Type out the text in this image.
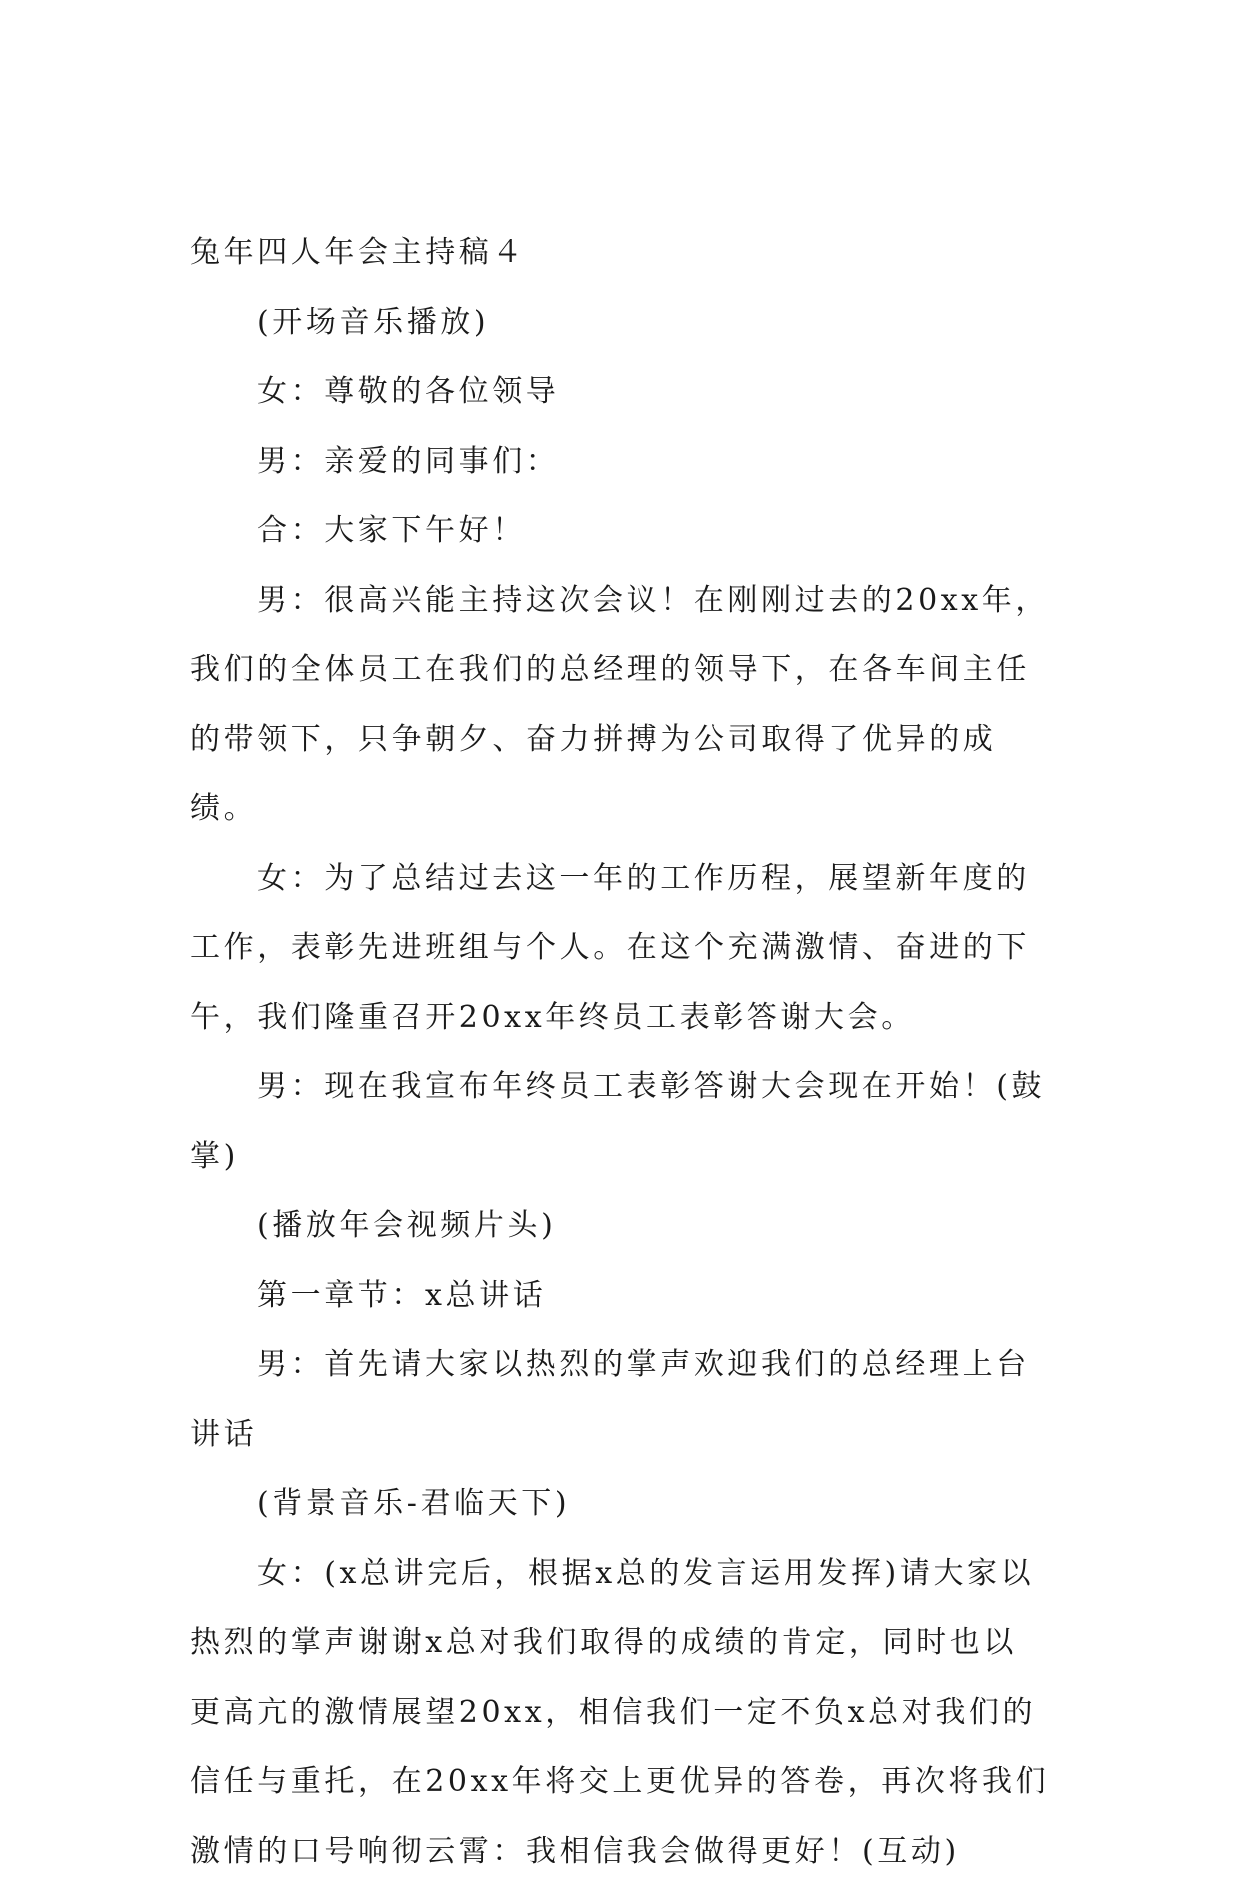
兔年四人年会主持稿４

(开场音乐播放)

女：尊敬的各位领导

男：亲爱的同事们：

合：大家下午好！

男：很高兴能主持这次会议！在刚刚过去的20xx年，我们的全体员工在我们的总经理的领导下，在各车间主任的带领下，只争朝夕、奋力拼搏为公司取得了优异的成绩。

女：为了总结过去这一年的工作历程，展望新年度的工作，表彰先进班组与个人。在这个充满激情、奋进的下午，我们隆重召开20xx年终员工表彰答谢大会。

男：现在我宣布年终员工表彰答谢大会现在开始！(鼓掌)

(播放年会视频片头)

第一章节：x总讲话

男：首先请大家以热烈的掌声欢迎我们的总经理上台讲话

(背景音乐-君临天下)

女：(x总讲完后，根据x总的发言运用发挥)请大家以热烈的掌声谢谢x总对我们取得的成绩的肯定，同时也以更高亢的激情展望20xx，相信我们一定不负x总对我们的信任与重托，在20xx年将交上更优异的答卷，再次将我们激情的口号响彻云霄：我相信我会做得更好！(互动)
